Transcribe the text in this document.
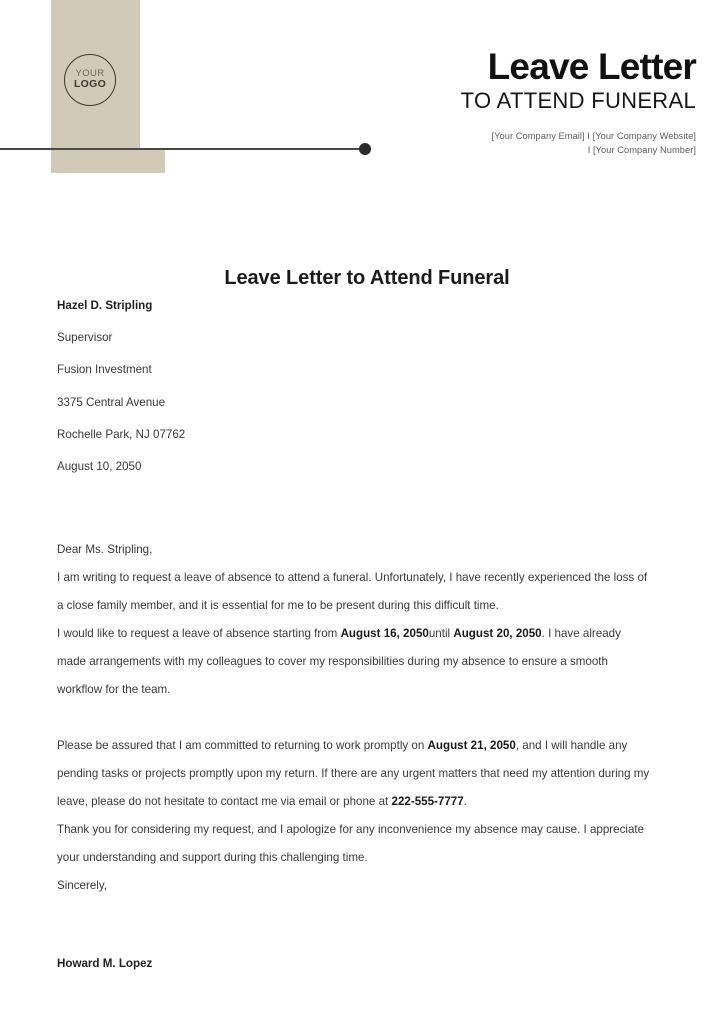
YOUR
LOGO	Leave Letter
TO ATTEND FUNERAL
[Your Company Email] I [Your Company Website]
I [Your Company Number]
Leave Letter to Attend Funeral
Hazel D. Stripling
Supervisor
Fusion Investment
3375 Central Avenue
Rochelle Park, NJ 07762
August 10, 2050

Dear Ms. Stripling,

I am writing to request a leave of absence to attend a funeral. Unfortunately, I have recently experienced the loss of a close family member, and it is essential for me to be present during this difficult time.

I would like to request a leave of absence starting from August 16, 2050until August 20, 2050. I have already made arrangements with my colleagues to cover my responsibilities during my absence to ensure a smooth workflow for the team.

Please be assured that I am committed to returning to work promptly on August 21, 2050, and I will handle any pending tasks or projects promptly upon my return. If there are any urgent matters that need my attention during my leave, please do not hesitate to contact me via email or phone at 222-555-7777.

Thank you for considering my request, and I apologize for any inconvenience my absence may cause. I appreciate your understanding and support during this challenging time.

Sincerely,

Howard M. Lopez
